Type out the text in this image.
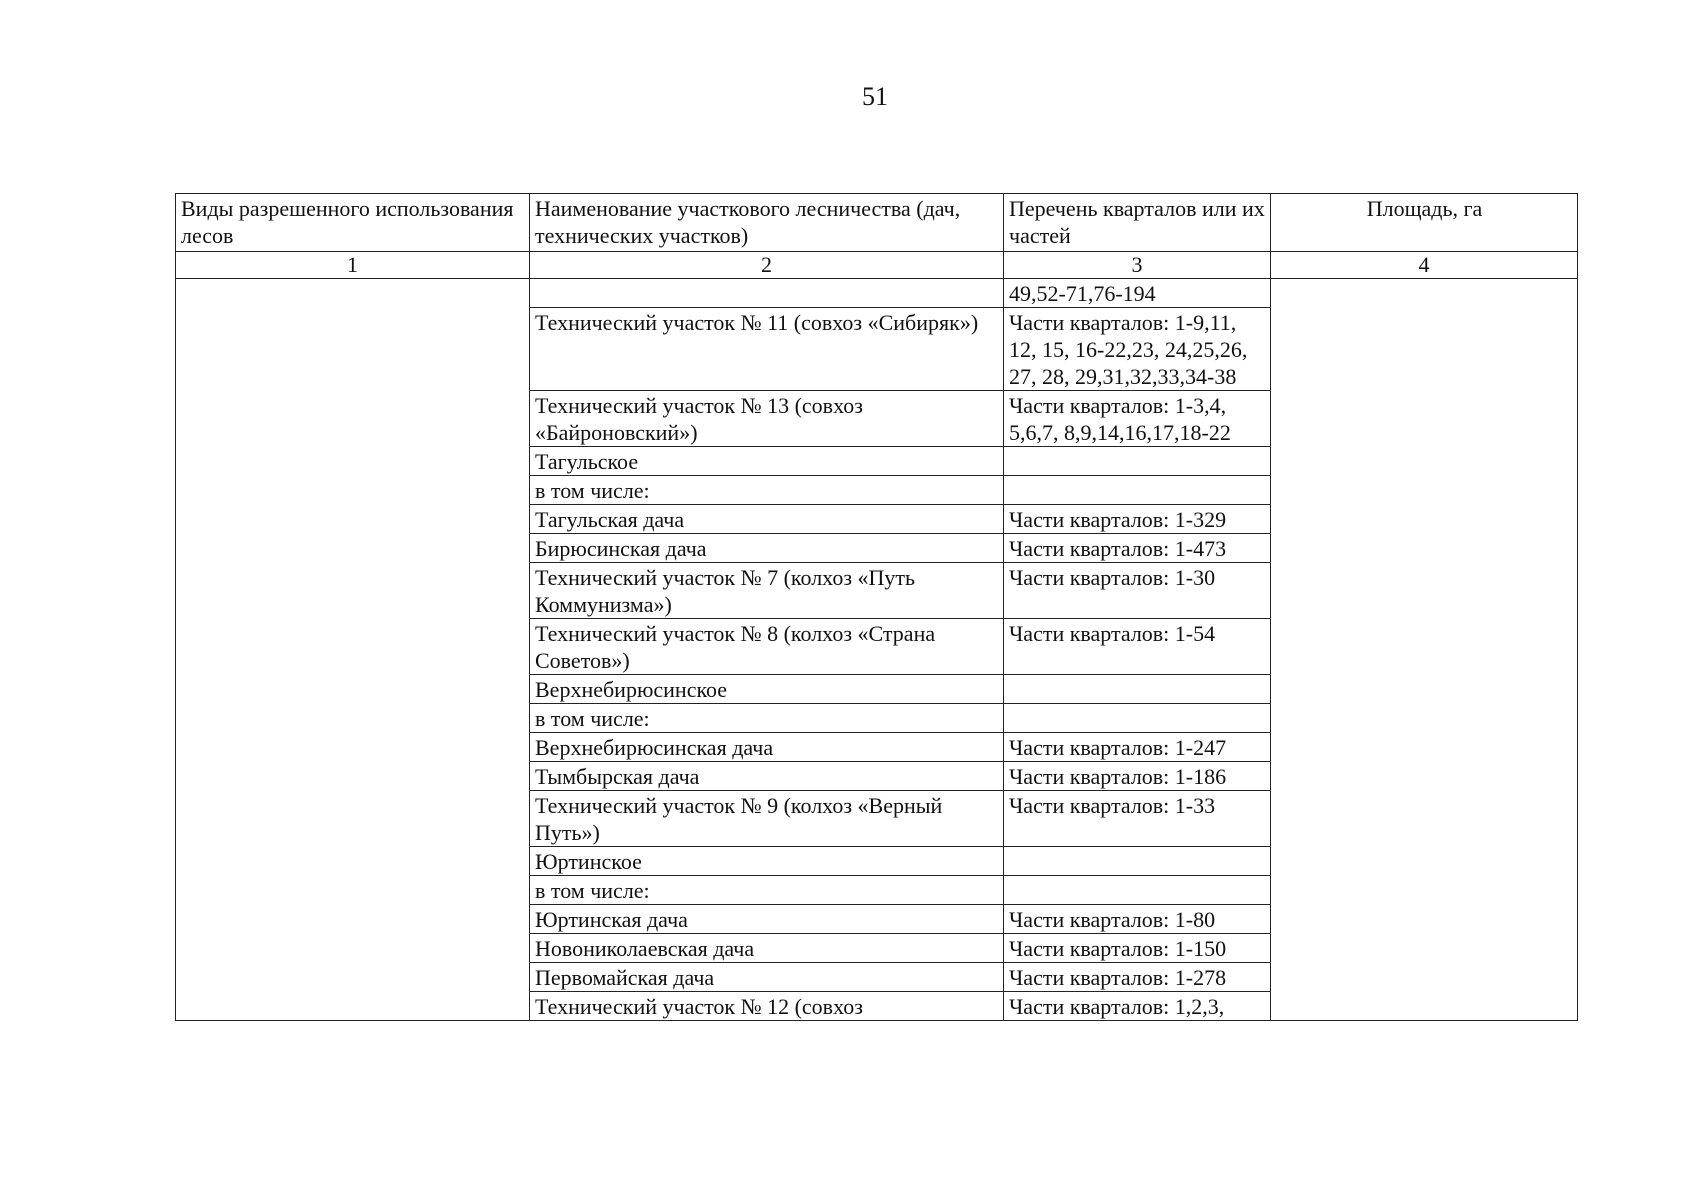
51
Виды разрешенного использования лесов	Наименование участкового лесничества (дач, технических участков)	Перечень кварталов или их частей	Площадь, га
1	2	3	4
		49,52-71,76-194	
	Технический участок № 11 (совхоз «Сибиряк»)	Части кварталов: 1-9,11, 12, 15, 16-22,23, 24,25,26, 27, 28, 29,31,32,33,34-38	
	Технический участок № 13 (совхоз «Байроновский»)	Части кварталов: 1-3,4, 5,6,7, 8,9,14,16,17,18-22	
	Тагульское		
	в том числе:		
	Тагульская дача	Части кварталов: 1-329	
	Бирюсинская дача	Части кварталов: 1-473	
	Технический участок № 7 (колхоз «Путь Коммунизма»)	Части кварталов: 1-30	
	Технический участок № 8 (колхоз «Страна Советов»)	Части кварталов: 1-54	
	Верхнебирюсинское		
	в том числе:		
	Верхнебирюсинская дача	Части кварталов: 1-247	
	Тымбырская дача	Части кварталов: 1-186	
	Технический участок № 9 (колхоз «Верный Путь»)	Части кварталов: 1-33	
	Юртинское		
	в том числе:		
	Юртинская дача	Части кварталов: 1-80	
	Новониколаевская дача	Части кварталов: 1-150	
	Первомайская дача	Части кварталов: 1-278	
	Технический участок № 12 (совхоз	Части кварталов: 1,2,3,	
